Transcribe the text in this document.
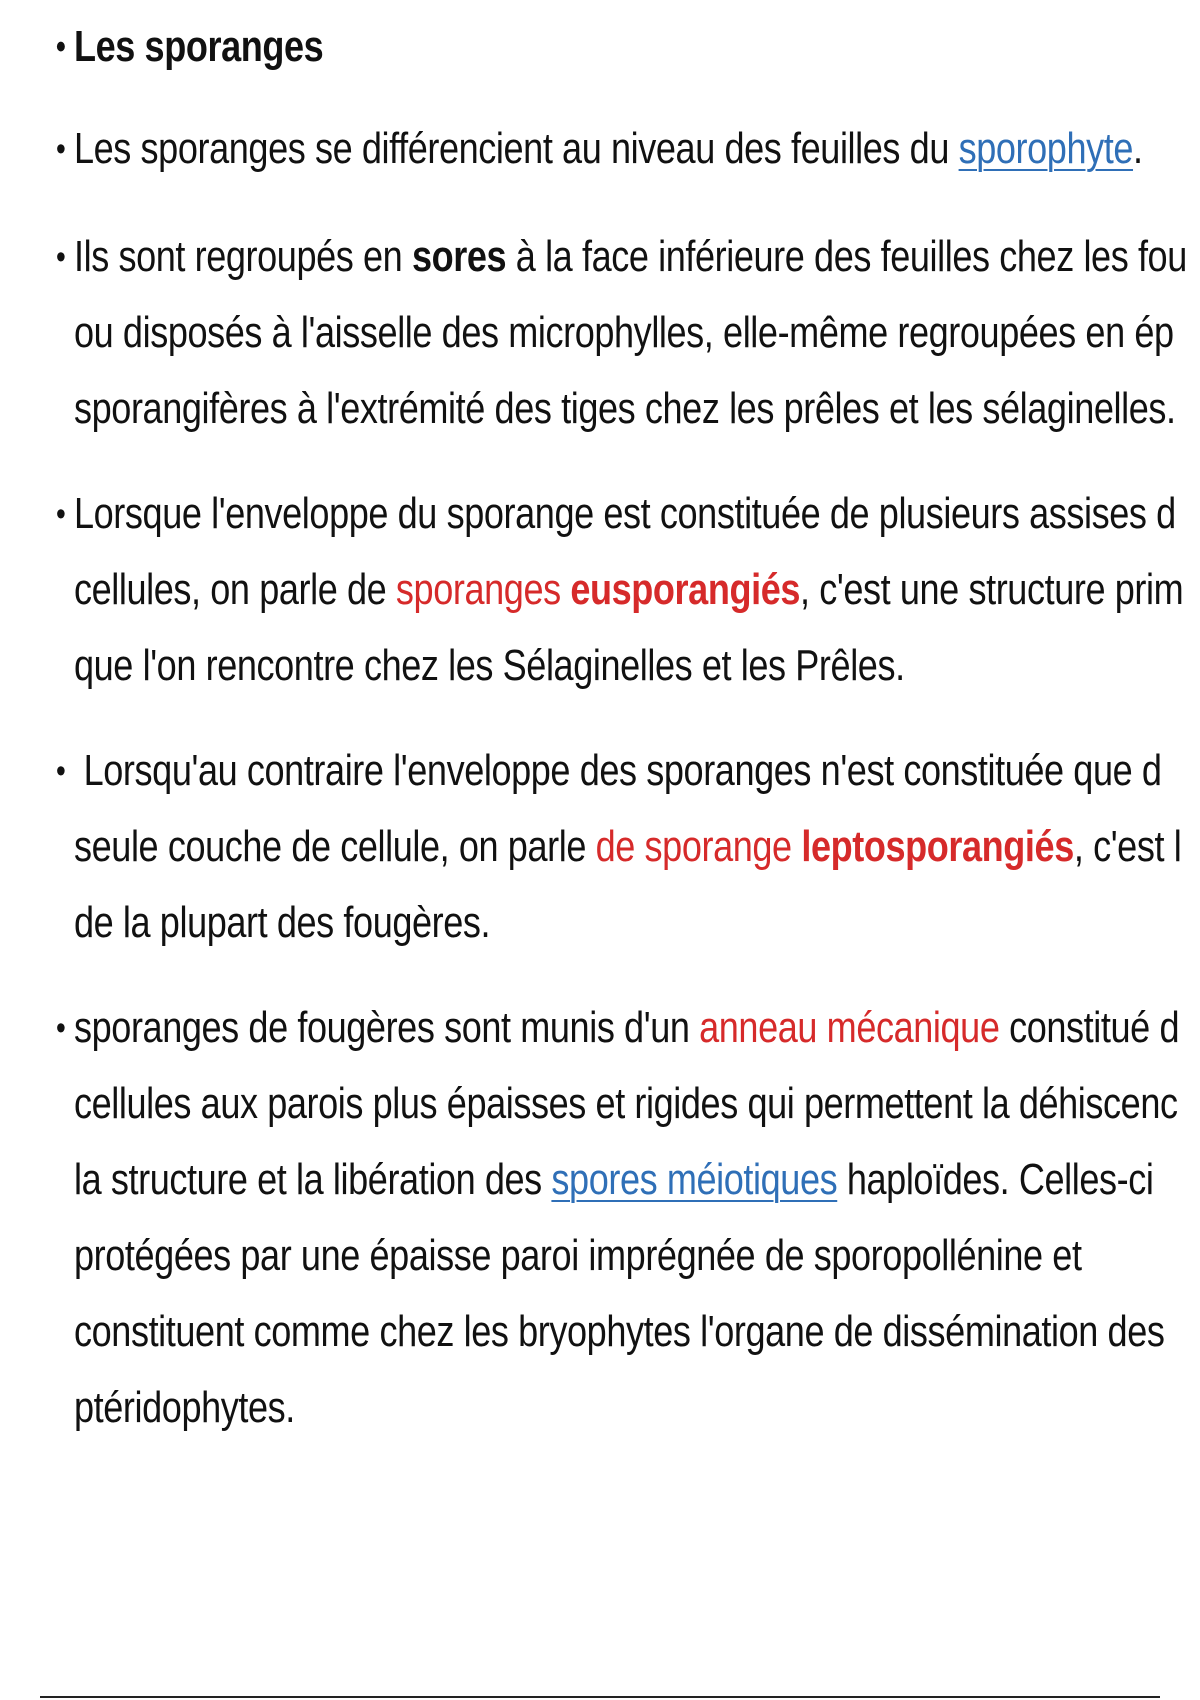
• Les sporanges
• Les sporanges se différencient au niveau des feuilles du sporophyte.
• Ils sont regroupés en sores à la face inférieure des feuilles chez les fou
ou disposés à l'aisselle des microphylles, elle-même regroupées en ép
sporangifères à l'extrémité des tiges chez les prêles et les sélaginelles.
• Lorsque l'enveloppe du sporange est constituée de plusieurs assises d
cellules, on parle de sporanges eusporangiés, c'est une structure prim
que l'on rencontre chez les Sélaginelles et les Prêles.
• Lorsqu'au contraire l'enveloppe des sporanges n'est constituée que d
seule couche de cellule, on parle de sporange leptosporangiés, c'est l
de la plupart des fougères.
• sporanges de fougères sont munis d'un anneau mécanique constitué d
cellules aux parois plus épaisses et rigides qui permettent la déhiscenc
la structure et la libération des spores méiotiques haploïdes. Celles-ci
protégées par une épaisse paroi imprégnée de sporopollénine et
constituent comme chez les bryophytes l'organe de dissémination des
ptéridophytes.
